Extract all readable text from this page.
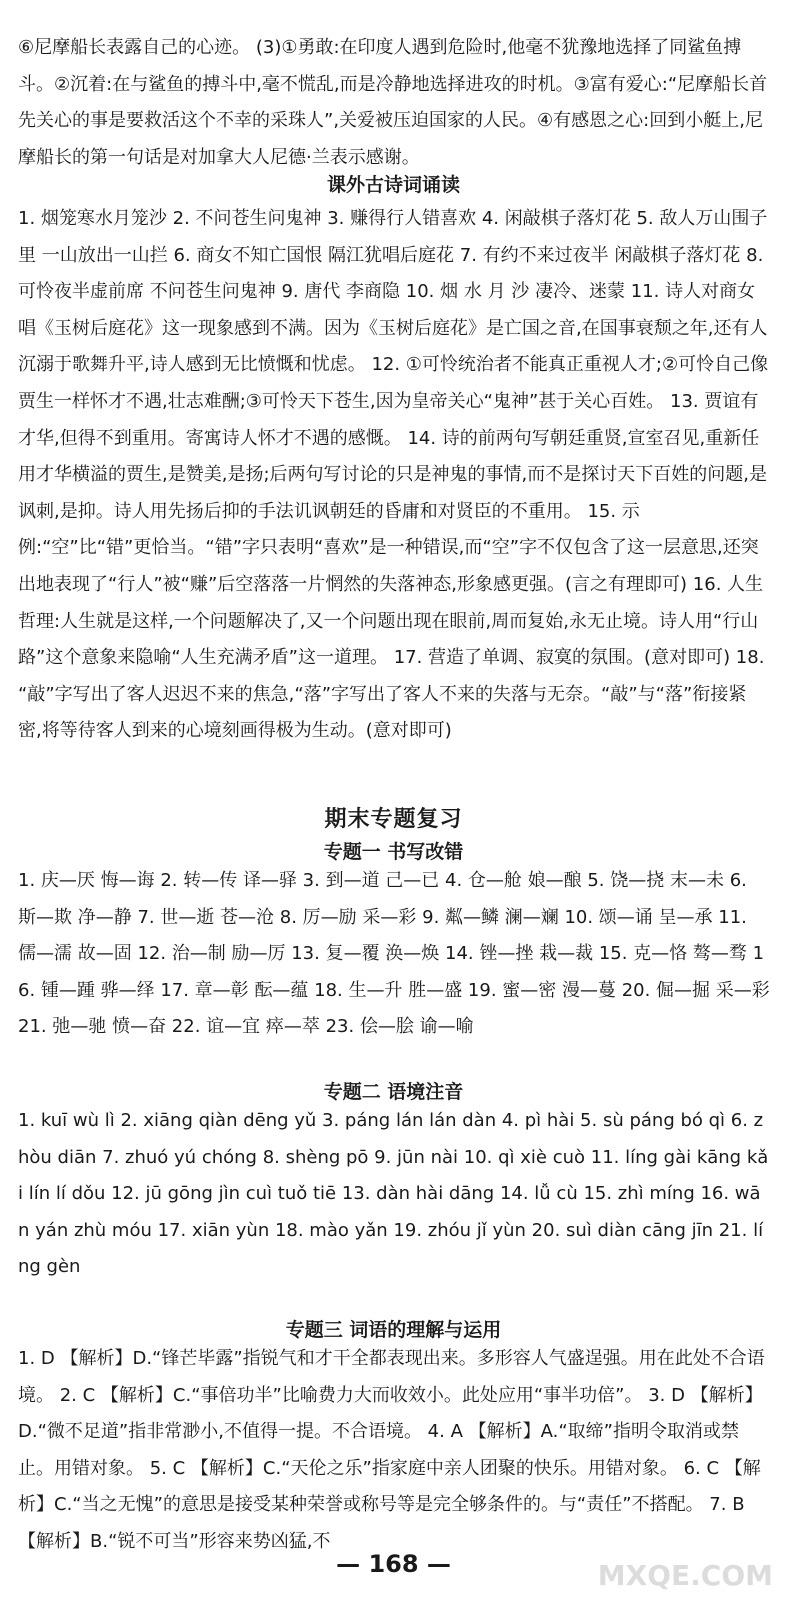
⑥尼摩船长表露自己的心迹。 (3)①勇敢:在印度人遇到危险时,他毫不犹豫地选择了同鲨鱼搏斗。②沉着:在与鲨鱼的搏斗中,毫不慌乱,而是冷静地选择进攻的时机。③富有爱心:“尼摩船长首先关心的事是要救活这个不幸的采珠人”,关爱被压迫国家的人民。④有感恩之心:回到小艇上,尼摩船长的第一句话是对加拿大人尼德·兰表示感谢。

课外古诗词诵读

1. 烟笼寒水月笼沙 2. 不问苍生问鬼神 3. 赚得行人错喜欢 4. 闲敲棋子落灯花 5. 敌人万山围子里 一山放出一山拦 6. 商女不知亡国恨 隔江犹唱后庭花 7. 有约不来过夜半 闲敲棋子落灯花 8. 可怜夜半虚前席 不问苍生问鬼神 9. 唐代 李商隐 10. 烟 水 月 沙 凄冷、迷蒙 11. 诗人对商女唱《玉树后庭花》这一现象感到不满。因为《玉树后庭花》是亡国之音,在国事衰颓之年,还有人沉溺于歌舞升平,诗人感到无比愤慨和忧虑。 12. ①可怜统治者不能真正重视人才;②可怜自己像贾生一样怀才不遇,壮志难酬;③可怜天下苍生,因为皇帝关心“鬼神”甚于关心百姓。 13. 贾谊有才华,但得不到重用。寄寓诗人怀才不遇的感慨。 14. 诗的前两句写朝廷重贤,宣室召见,重新任用才华横溢的贾生,是赞美,是扬;后两句写讨论的只是神鬼的事情,而不是探讨天下百姓的问题,是讽刺,是抑。诗人用先扬后抑的手法讥讽朝廷的昏庸和对贤臣的不重用。 15. 示例:“空”比“错”更恰当。“错”字只表明“喜欢”是一种错误,而“空”字不仅包含了这一层意思,还突出地表现了“行人”被“赚”后空落落一片惘然的失落神态,形象感更强。(言之有理即可) 16. 人生哲理:人生就是这样,一个问题解决了,又一个问题出现在眼前,周而复始,永无止境。诗人用“行山路”这个意象来隐喻“人生充满矛盾”这一道理。 17. 营造了单调、寂寞的氛围。(意对即可) 18. “敲”字写出了客人迟迟不来的焦急,“落”字写出了客人不来的失落与无奈。“敲”与“落”衔接紧密,将等待客人到来的心境刻画得极为生动。(意对即可)

期末专题复习
专题一 书写改错

1. 庆—厌 悔—诲 2. 转—传 译—驿 3. 到—道 己—已 4. 仓—舱 娘—酿 5. 饶—挠 末—未 6. 斯—欺 净—静 7. 世—逝 苍—沧 8. 厉—励 采—彩 9. 粼—鳞 澜—斓 10. 颂—诵 呈—承 11. 儒—濡 故—固 12. 治—制 励—厉 13. 复—覆 涣—焕 14. 锉—挫 栽—裁 15. 克—恪 骜—骛 16. 锺—踵 骅—绎 17. 章—彰 酝—蕴 18. 生—升 胜—盛 19. 蜜—密 漫—蔓 20. 倔—掘 采—彩 21. 弛—驰 愤—奋 22. 谊—宜 瘁—萃 23. 侩—脍 谕—喻

专题二 语境注音

1. kuī wù lì 2. xiāng qiàn dēng yǔ 3. páng lán lán dàn 4. pì hài 5. sù páng bó qì 6. zhòu diān 7. zhuó yú chóng 8. shèng pō 9. jūn nài 10. qì xiè cuò 11. líng gài kāng kǎi lín lí dǒu 12. jū gōng jìn cuì tuǒ tiē 13. dàn hài dāng 14. lǚ cù 15. zhì míng 16. wān yán zhù móu 17. xiān yùn 18. mào yǎn 19. zhóu jǐ yùn 20. suì diàn cāng jīn 21. líng gèn

专题三 词语的理解与运用

1. D 【解析】D.“锋芒毕露”指锐气和才干全都表现出来。多形容人气盛逞强。用在此处不合语境。 2. C 【解析】C.“事倍功半”比喻费力大而收效小。此处应用“事半功倍”。 3. D 【解析】D.“微不足道”指非常渺小,不值得一提。不合语境。 4. A 【解析】A.“取缔”指明令取消或禁止。用错对象。 5. C 【解析】C.“天伦之乐”指家庭中亲人团聚的快乐。用错对象。 6. C 【解析】C.“当之无愧”的意思是接受某种荣誉或称号等是完全够条件的。与“责任”不搭配。 7. B 【解析】B.“锐不可当”形容来势凶猛,不

— 168 —	MXQE.COM
